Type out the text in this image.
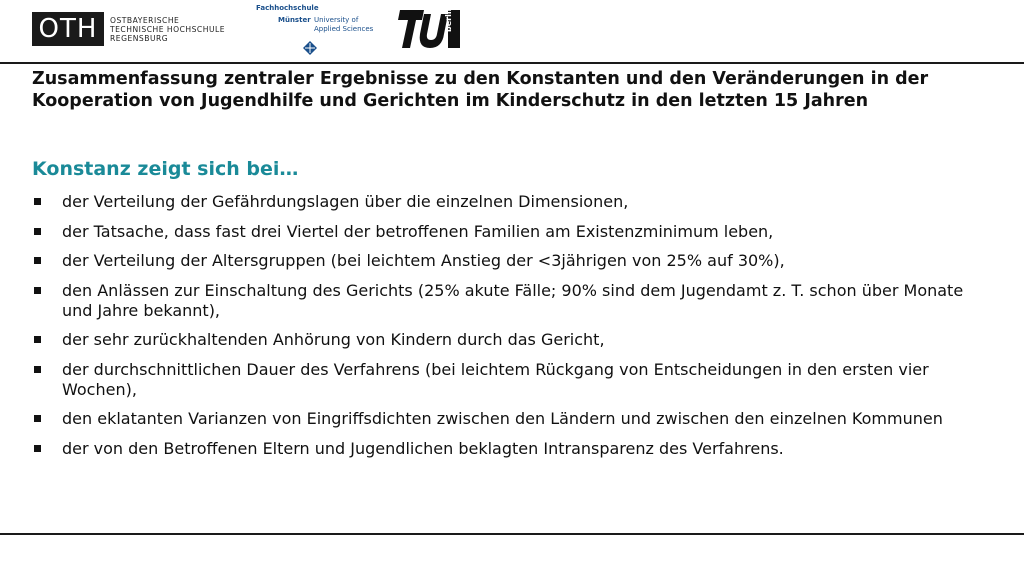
OTH	OSTBAYERISCHE
TECHNISCHE HOCHSCHULE
REGENSBURG
Fachhochschule
Münster University of
Applied Sciences	berlin
Zusammenfassung zentraler Ergebnisse zu den Konstanten und den Veränderungen in der Kooperation von Jugendhilfe und Gerichten im Kinderschutz in den letzten 15 Jahren
Konstanz zeigt sich bei…
der Verteilung der Gefährdungslagen über die einzelnen Dimensionen,
der Tatsache, dass fast drei Viertel der betroffenen Familien am Existenzminimum leben,
der Verteilung der Altersgruppen (bei leichtem Anstieg der <3jährigen von 25% auf 30%),
den Anlässen zur Einschaltung des Gerichts (25% akute Fälle; 90% sind dem Jugendamt z. T. schon über Monate und Jahre bekannt),
der sehr zurückhaltenden Anhörung von Kindern durch das Gericht,
der durchschnittlichen Dauer des Verfahrens (bei leichtem Rückgang von Entscheidungen in den ersten vier Wochen),
den eklatanten Varianzen von Eingriffsdichten zwischen den Ländern und zwischen den einzelnen Kommunen
der von den Betroffenen Eltern und Jugendlichen beklagten Intransparenz des Verfahrens.
